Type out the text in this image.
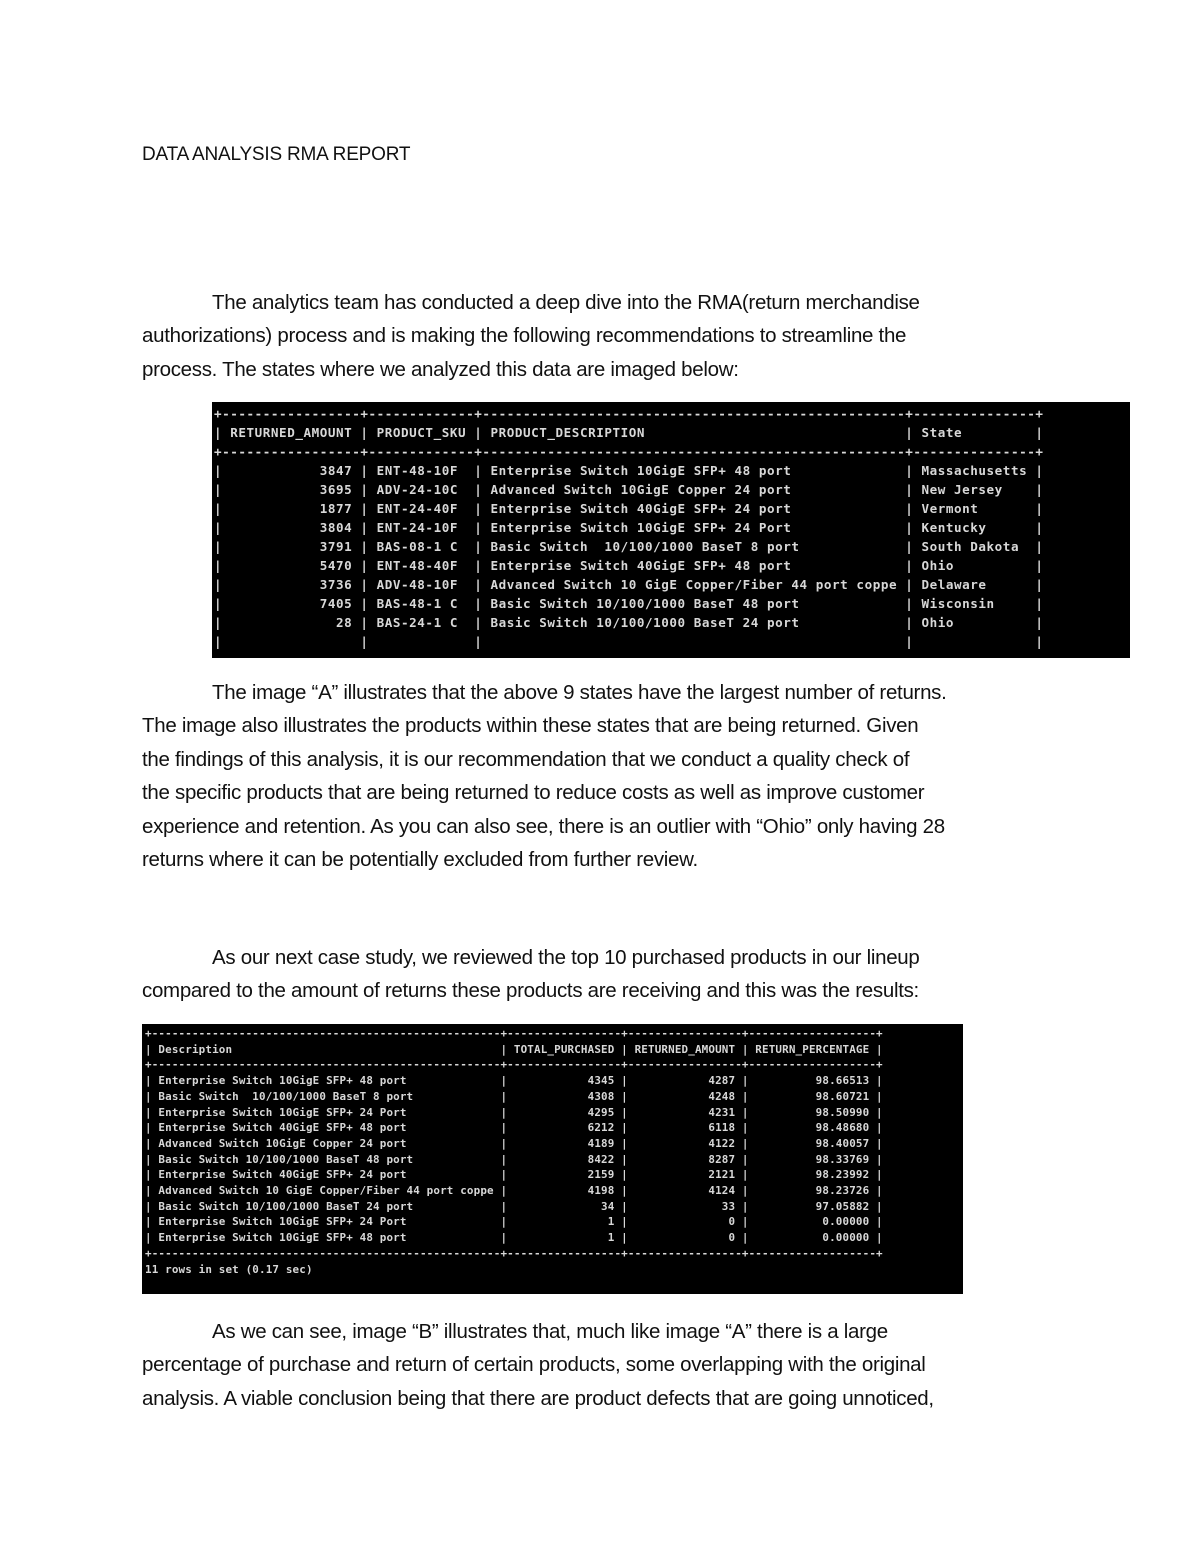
DATA ANALYSIS RMA REPORT
The analytics team has conducted a deep dive into the RMA(return merchandise
authorizations) process and is making the following recommendations to streamline the
process. The states where we analyzed this data are imaged below:
+-----------------+-------------+----------------------------------------------------+---------------+
| RETURNED_AMOUNT | PRODUCT_SKU | PRODUCT_DESCRIPTION                                | State         |
+-----------------+-------------+----------------------------------------------------+---------------+
|            3847 | ENT-48-10F  | Enterprise Switch 10GigE SFP+ 48 port              | Massachusetts |
|            3695 | ADV-24-10C  | Advanced Switch 10GigE Copper 24 port              | New Jersey    |
|            1877 | ENT-24-40F  | Enterprise Switch 40GigE SFP+ 24 port              | Vermont       |
|            3804 | ENT-24-10F  | Enterprise Switch 10GigE SFP+ 24 Port              | Kentucky      |
|            3791 | BAS-08-1 C  | Basic Switch  10/100/1000 BaseT 8 port             | South Dakota  |
|            5470 | ENT-48-40F  | Enterprise Switch 40GigE SFP+ 48 port              | Ohio          |
|            3736 | ADV-48-10F  | Advanced Switch 10 GigE Copper/Fiber 44 port coppe | Delaware      |
|            7405 | BAS-48-1 C  | Basic Switch 10/100/1000 BaseT 48 port             | Wisconsin     |
|              28 | BAS-24-1 C  | Basic Switch 10/100/1000 BaseT 24 port             | Ohio          |
|                 |             |                                                    |               |
The image “A” illustrates that the above 9 states have the largest number of returns.
The image also illustrates the products within these states that are being returned. Given
the findings of this analysis, it is our recommendation that we conduct a quality check of
the specific products that are being returned to reduce costs as well as improve customer
experience and retention. As you can also see, there is an outlier with “Ohio” only having 28
returns where it can be potentially excluded from further review.
As our next case study, we reviewed the top 10 purchased products in our lineup
compared to the amount of returns these products are receiving and this was the results:
+----------------------------------------------------+-----------------+-----------------+-------------------+
| Description                                        | TOTAL_PURCHASED | RETURNED_AMOUNT | RETURN_PERCENTAGE |
+----------------------------------------------------+-----------------+-----------------+-------------------+
| Enterprise Switch 10GigE SFP+ 48 port              |            4345 |            4287 |          98.66513 |
| Basic Switch  10/100/1000 BaseT 8 port             |            4308 |            4248 |          98.60721 |
| Enterprise Switch 10GigE SFP+ 24 Port              |            4295 |            4231 |          98.50990 |
| Enterprise Switch 40GigE SFP+ 48 port              |            6212 |            6118 |          98.48680 |
| Advanced Switch 10GigE Copper 24 port              |            4189 |            4122 |          98.40057 |
| Basic Switch 10/100/1000 BaseT 48 port             |            8422 |            8287 |          98.33769 |
| Enterprise Switch 40GigE SFP+ 24 port              |            2159 |            2121 |          98.23992 |
| Advanced Switch 10 GigE Copper/Fiber 44 port coppe |            4198 |            4124 |          98.23726 |
| Basic Switch 10/100/1000 BaseT 24 port             |              34 |              33 |          97.05882 |
| Enterprise Switch 10GigE SFP+ 24 Port              |               1 |               0 |           0.00000 |
| Enterprise Switch 10GigE SFP+ 48 port              |               1 |               0 |           0.00000 |
+----------------------------------------------------+-----------------+-----------------+-------------------+
11 rows in set (0.17 sec)
As we can see, image “B” illustrates that, much like image “A” there is a large
percentage of purchase and return of certain products, some overlapping with the original
analysis. A viable conclusion being that there are product defects that are going unnoticed,
